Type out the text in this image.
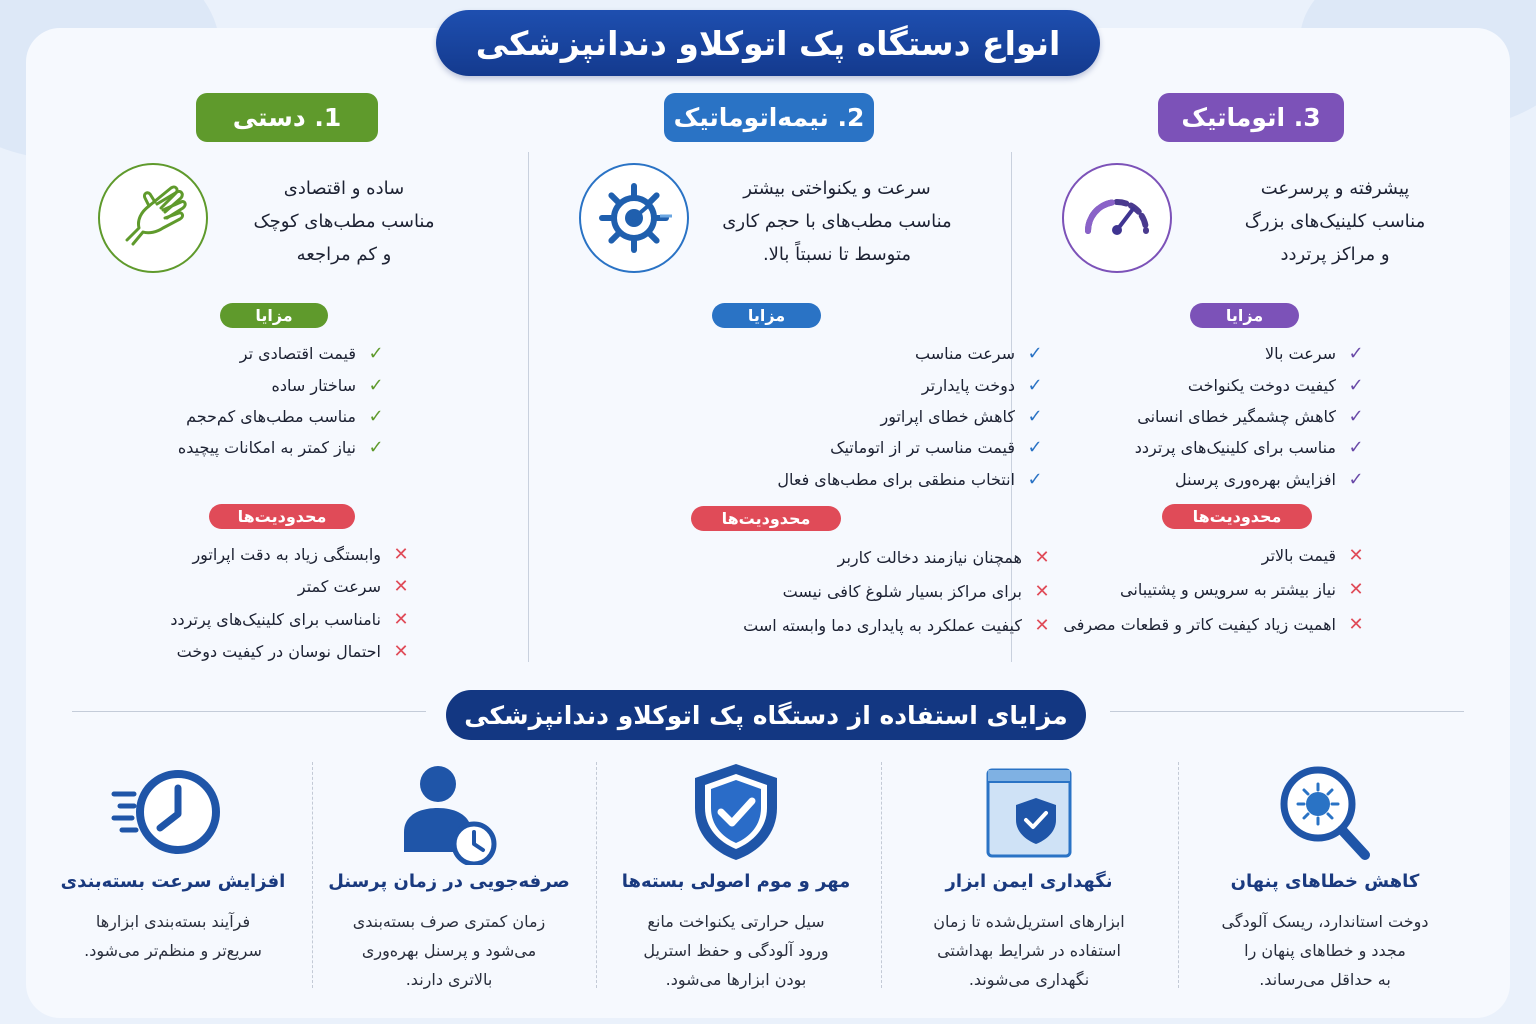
انواع دستگاه پک اتوکلاو دندانپزشکی
3. اتوماتیک
پیشرفته و پرسرعت
مناسب کلینیک‌های بزرگ
و مراکز پرتردد
مزایا
✓
سرعت بالا
✓
کیفیت دوخت یکنواخت
✓
کاهش چشمگیر خطای انسانی
✓
مناسب برای کلینیک‌های پرتردد
✓
افزایش بهره‌وری پرسنل
محدودیت‌ها
✕
قیمت بالاتر
✕
نیاز بیشتر به سرویس و پشتیبانی
✕
اهمیت زیاد کیفیت کاتر و قطعات مصرفی
2. نیمه‌اتوماتیک
سرعت و یکنواختی بیشتر
مناسب مطب‌های با حجم کاری
متوسط تا نسبتاً بالا.
مزایا
✓
سرعت مناسب
✓
دوخت پایدارتر
✓
کاهش خطای اپراتور
✓
قیمت مناسب تر از اتوماتیک
✓
انتخاب منطقی برای مطب‌های فعال
محدودیت‌ها
✕
همچنان نیازمند دخالت کاربر
✕
برای مراکز بسیار شلوغ کافی نیست
✕
کیفیت عملکرد به پایداری دما وابسته است
1. دستی
ساده و اقتصادی
مناسب مطب‌های کوچک
و کم مراجعه
مزایا
✓
قیمت اقتصادی تر
✓
ساختار ساده
✓
مناسب مطب‌های کم‌حجم
✓
نیاز کمتر به امکانات پیچیده
محدودیت‌ها
✕
وابستگی زیاد به دقت اپراتور
✕
سرعت کمتر
✕
نامناسب برای کلینیک‌های پرتردد
✕
احتمال نوسان در کیفیت دوخت
مزایای استفاده از دستگاه پک اتوکلاو دندانپزشکی
کاهش خطاهای پنهان
دوخت استاندارد، ریسک آلودگی
مجدد و خطاهای پنهان را
به حداقل می‌رساند.
نگهداری ایمن ابزار
ابزارهای استریل‌شده تا زمان
استفاده در شرایط بهداشتی
نگهداری می‌شوند.
مهر و موم اصولی بسته‌ها
سیل حرارتی یکنواخت مانع
ورود آلودگی و حفظ استریل
بودن ابزارها می‌شود.
صرفه‌جویی در زمان پرسنل
زمان کمتری صرف بسته‌بندی
می‌شود و پرسنل بهره‌وری
بالاتری دارند.
افزایش سرعت بسته‌بندی
فرآیند بسته‌بندی ابزارها
سریع‌تر و منظم‌تر می‌شود.
